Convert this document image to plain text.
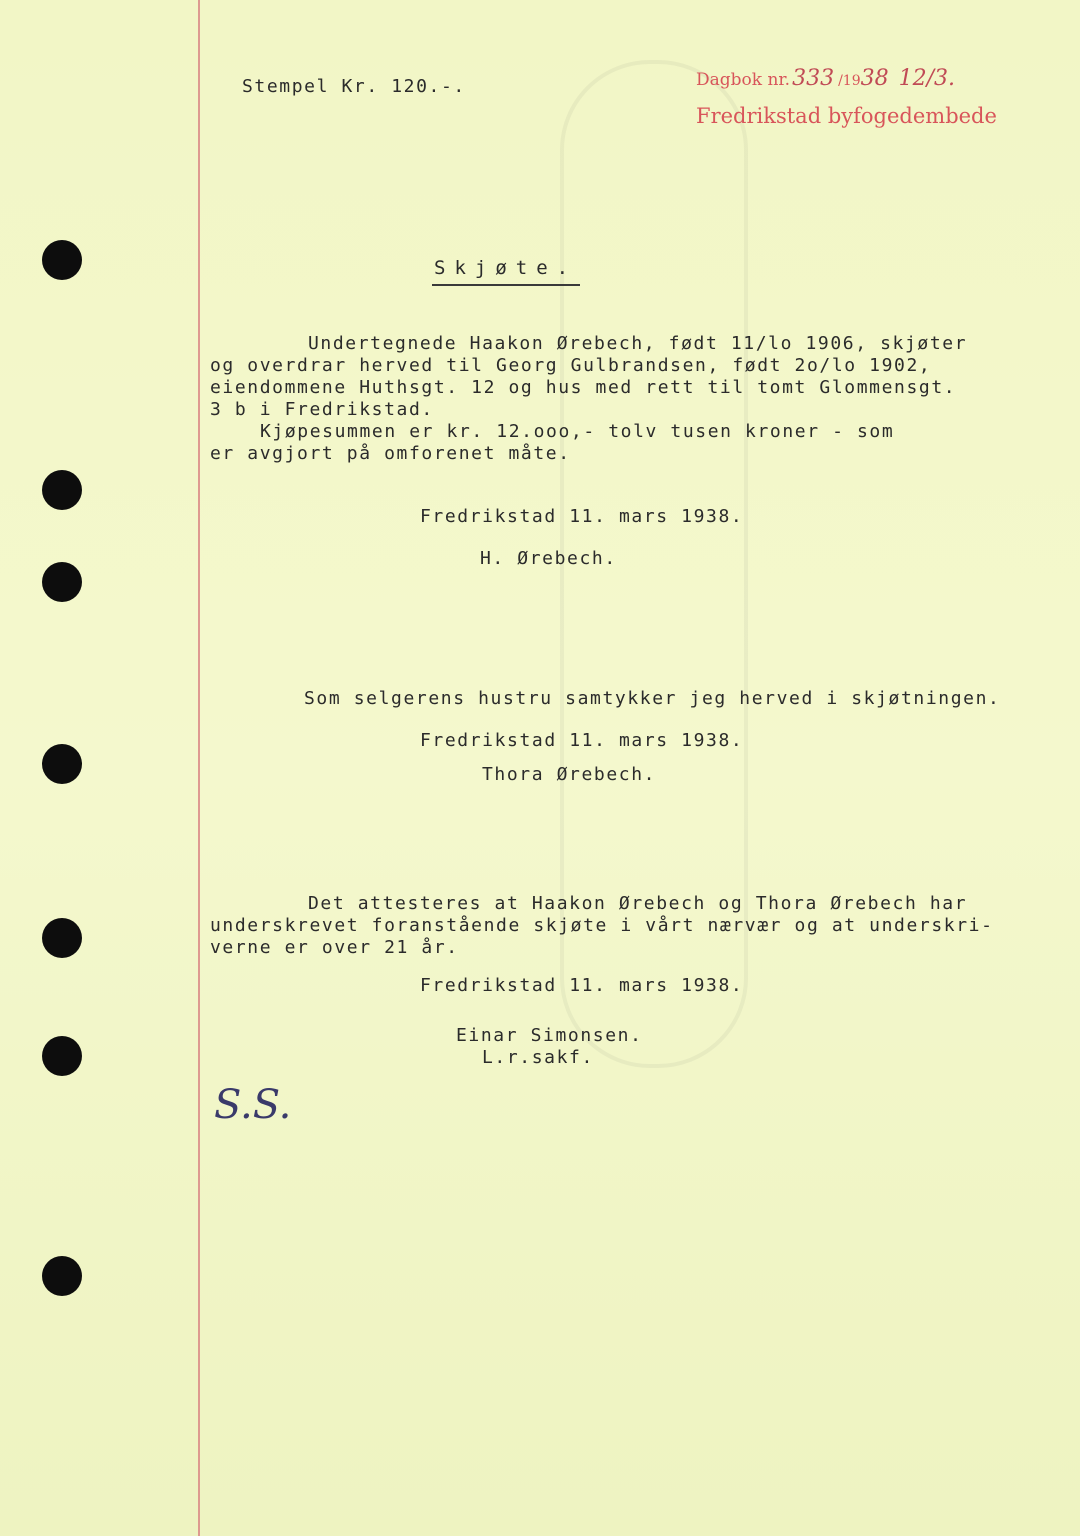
Stempel Kr. 120.-.	Dagbok nr.333 /1938 12/3.
Fredrikstad byfogedembede
Skjøte.
Undertegnede Haakon Ørebech, født 11/lo 1906, skjøter
og overdrar herved til Georg Gulbrandsen, født 2o/lo 1902,
eiendommene Huthsgt. 12 og hus med rett til tomt Glommensgt.
3 b i Fredrikstad.
Kjøpesummen er kr. 12.ooo,- tolv tusen kroner - som
er avgjort på omforenet måte.
Fredrikstad 11. mars 1938.
H. Ørebech.
Som selgerens hustru samtykker jeg herved i skjøtningen.
Fredrikstad 11. mars 1938.
Thora Ørebech.
Det attesteres at Haakon Ørebech og Thora Ørebech har
underskrevet foranstående skjøte i vårt nærvær og at underskri-
verne er over 21 år.
Fredrikstad 11. mars 1938.
Einar Simonsen.
L.r.sakf.
S.S.
